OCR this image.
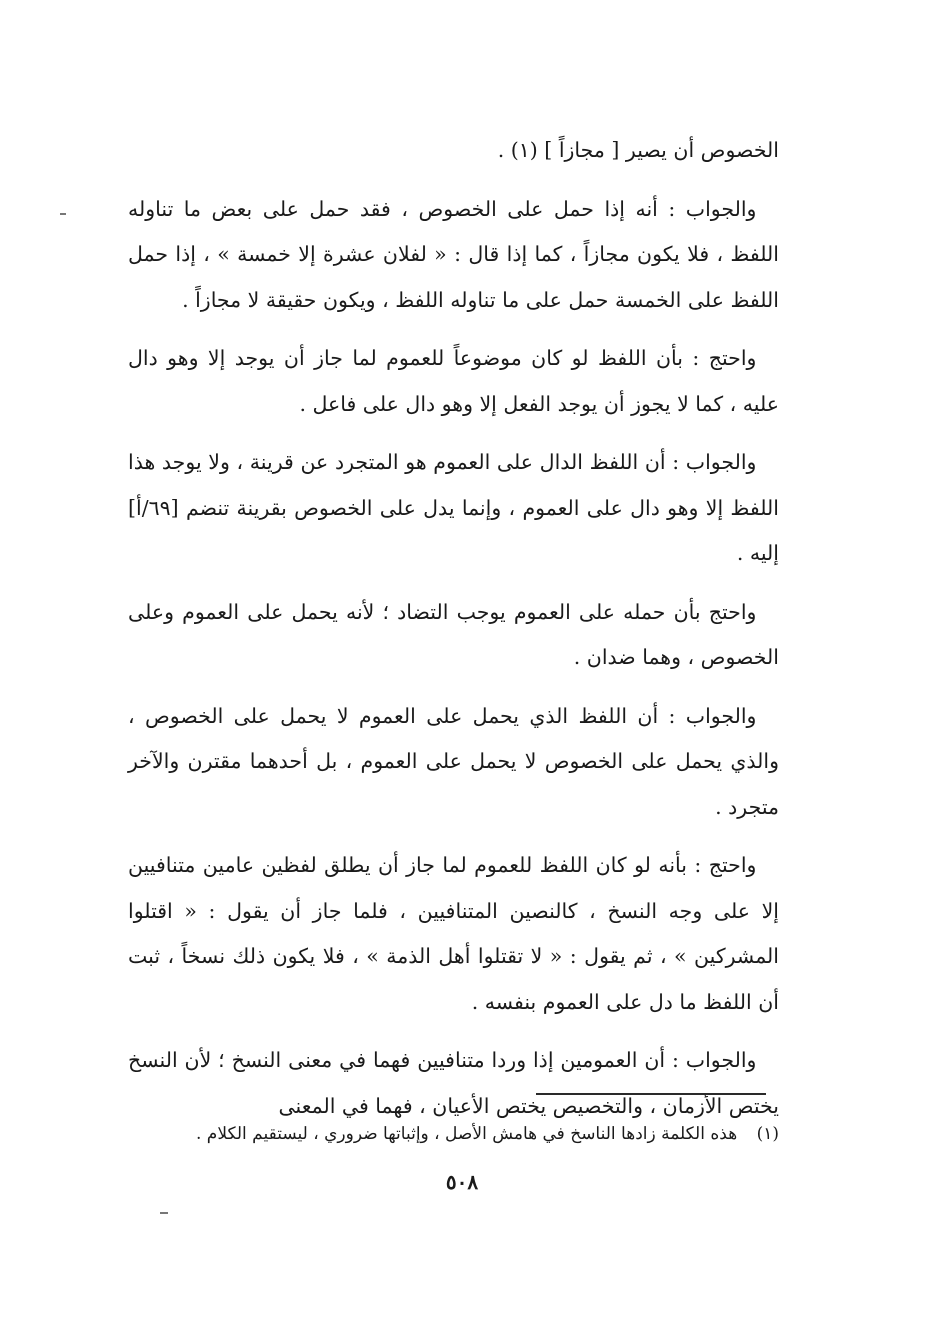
الخصوص أن يصير [ مجازاً ] (١) .

والجواب : أنه إذا حمل على الخصوص ، فقد حمل على بعض ما تناوله اللفظ ، فلا يكون مجازاً ، كما إذا قال : « لفلان عشرة إلا خمسة » ، إذا حمل اللفظ على الخمسة حمل على ما تناوله اللفظ ، ويكون حقيقة لا مجازاً .

واحتج : بأن اللفظ لو كان موضوعاً للعموم لما جاز أن يوجد إلا وهو دال عليه ، كما لا يجوز أن يوجد الفعل إلا وهو دال على فاعل .

والجواب : أن اللفظ الدال على العموم هو المتجرد عن قرينة ، ولا يوجد هذا اللفظ إلا وهو دال على العموم ، وإنما يدل على الخصوص بقرينة تنضم [٦٩/أ] إليه .

واحتج بأن حمله على العموم يوجب التضاد ؛ لأنه يحمل على العموم وعلى الخصوص ، وهما ضدان .

والجواب : أن اللفظ الذي يحمل على العموم لا يحمل على الخصوص ، والذي يحمل على الخصوص لا يحمل على العموم ، بل أحدهما مقترن والآخر متجرد .

واحتج : بأنه لو كان اللفظ للعموم لما جاز أن يطلق لفظين عامين متنافيين إلا على وجه النسخ ، كالنصين المتنافيين ، فلما جاز أن يقول : « اقتلوا المشركين » ، ثم يقول : « لا تقتلوا أهل الذمة » ، فلا يكون ذلك نسخاً ، ثبت أن اللفظ ما دل على العموم بنفسه .

والجواب : أن العمومين إذا وردا متنافيين فهما في معنى النسخ ؛ لأن النسخ يختص الأزمان ، والتخصيص يختص الأعيان ، فهما في المعنى

(١) هذه الكلمة زادها الناسخ في هامش الأصل ، وإثباتها ضروري ، ليستقيم الكلام .
٥٠٨
